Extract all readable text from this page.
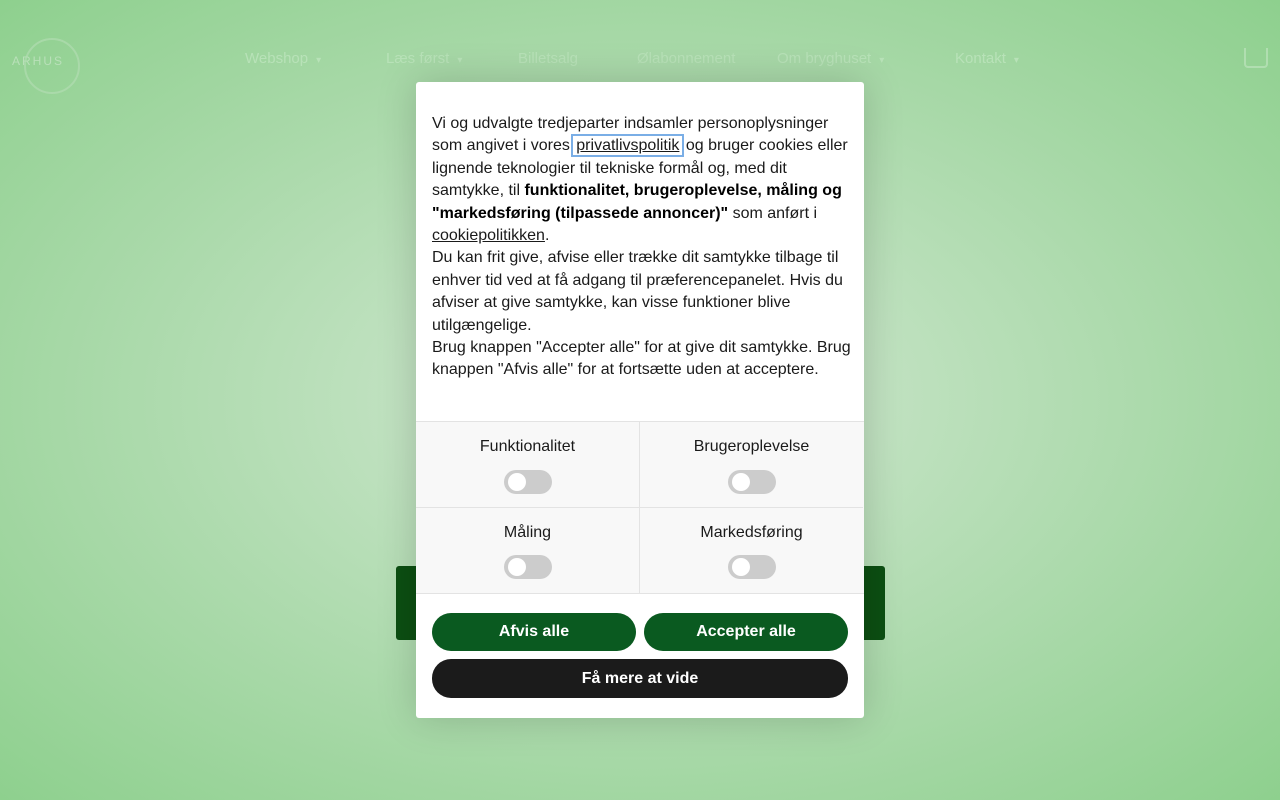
ARHUS	Webshop ▾	Læs først ▾	Billetsalg	Ølabonnement	Om bryghuset ▾	Kontakt ▾

Vi og udvalgte tredjeparter indsamler personoplysninger som angivet i vores privatlivspolitik og bruger cookies eller lignende teknologier til tekniske formål og, med dit samtykke, til funktionalitet, brugeroplevelse, måling og "markedsføring (tilpassede annoncer)" som anført i cookiepolitikken.

Du kan frit give, afvise eller trække dit samtykke tilbage til enhver tid ved at få adgang til præferencepanelet. Hvis du afviser at give samtykke, kan visse funktioner blive utilgængelige.

Brug knappen "Accepter alle" for at give dit samtykke. Brug knappen "Afvis alle" for at fortsætte uden at acceptere.

Funktionalitet	Brugeroplevelse
Måling	Markedsføring
Afvis alle	Accepter alle
Få mere at vide
